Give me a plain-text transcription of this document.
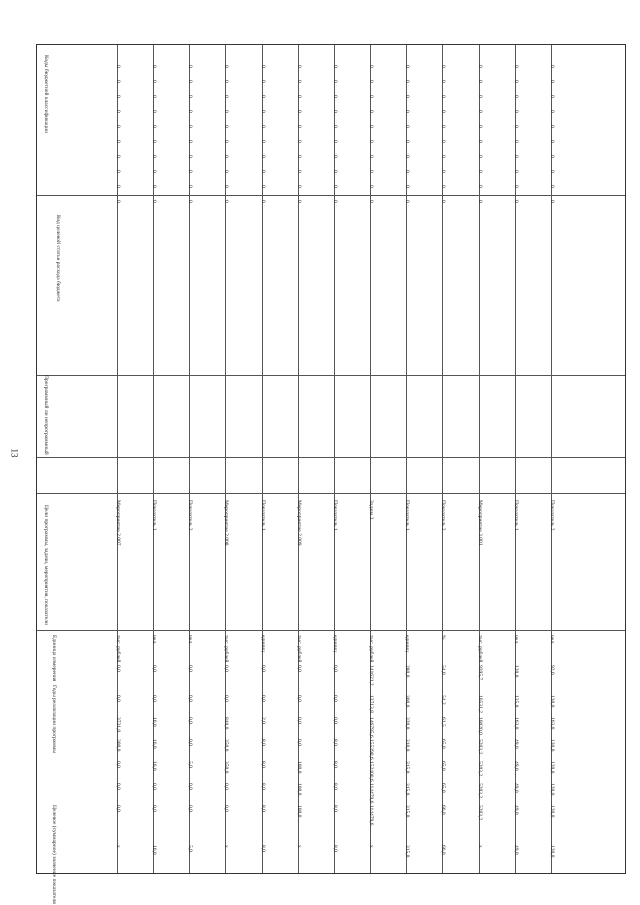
13
Коды бюджетной классификации
Код целевой статьи расхода бюджета
Программный ли непрограммный
Цели программы, задачи, мероприятия, показатели
Единица измерения
Годы реализации программы
Целевое (суммарное) значение показателя
Мероприятие 2.007
тыс. рублей
0,0
0,0
3731,0
300,0
0,0
0,0
0,0
х
0
0
0
0
0
0
0
0
0
0
Показатель 1
чел.
0,0
0,0
16,0
16,0
16,0
0,0
0,0
16,0
0
0
0
0
0
0
0
0
0
0
Показатель 2
чел.
0,0
0,0
0,0
0,0
5,0
0,0
0,0
5,0
0
0
0
0
0
0
0
0
0
0
Мероприятие 2.008
тыс. рублей
0,0
0,0
840,0
350,0
350,0
0,0
0,0
х
0
0
0
0
0
0
0
0
0
0
Показатель 1
единиц
0,0
0,0
2,0
8,0
8,0
8,0
8,0
8,0
0
0
0
0
0
0
0
0
0
0
Мероприятие 2.009
тыс. рублей
0,0
0,0
0,0
0,0
100,0
100,0
100,0
х
0
0
0
0
0
0
0
0
0
0
Показатель 1
единиц
0,0
0,0
0,0
8,0
8,0
8,0
8,0
8,0
0
0
0
0
0
0
0
0
0
0
Задача 3
тыс. рублей
141621,2
13713,8
146795,6
155390,6
152400,6
114479,6
114479,6
х
0
0
0
0
0
0
0
0
0
0
Показатель 1
единиц
280,0
300,0
320,0
310,0
315,0
315,0
315,0
315,0
0
0
0
0
0
0
0
0
0
0
Показатель 2
%
54,0
54,2
61,5
65,0
65,0
65,0
66,0
66,0
0
0
0
0
0
0
0
0
0
0
Мероприятие 3.001
тыс. рублей
9395,7
10531,2
10020,0
5203,2
5203,2
5203,2
5203,2
х
0
0
0
0
0
0
0
0
0
0
Показатель 1
чел.
120,0
135,0
163,0
49,0
49,0
49,0
49,0
49,0
0
0
0
0
0
0
0
0
0
0
Показатель 2
чел.
92,0
130,0
163,0
130,0
120,0
120,0
120,0
120,0
0
0
0
0
0
0
0
0
0
0
